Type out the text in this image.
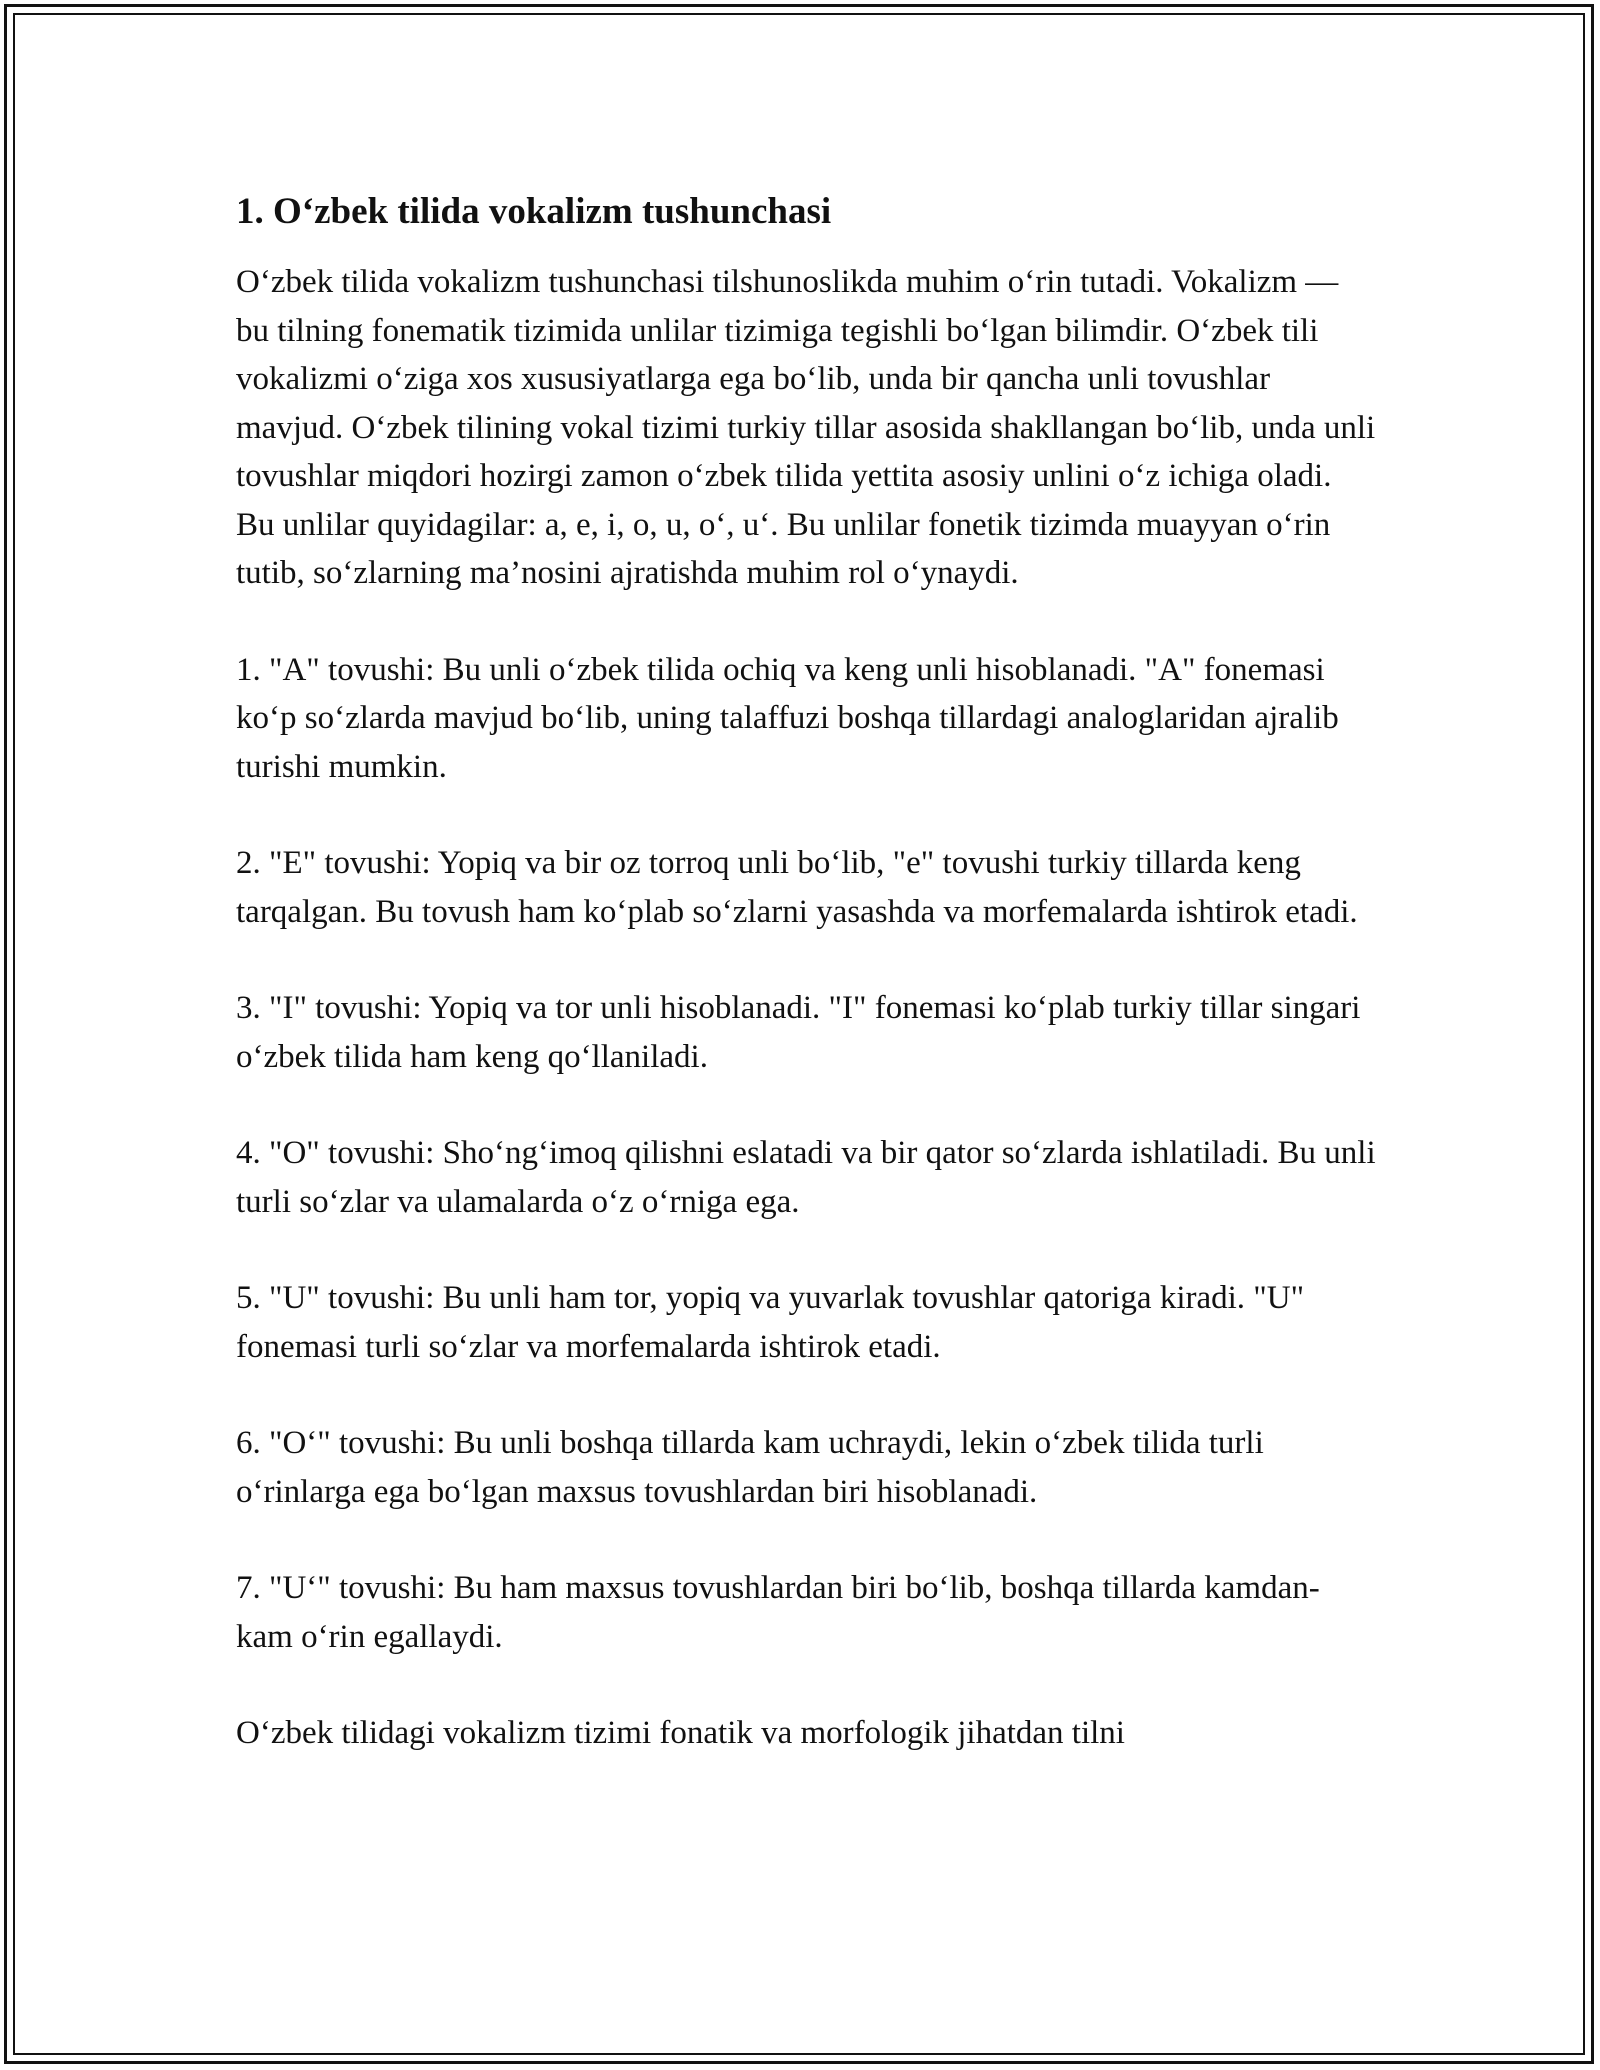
1. O‘zbek tilida vokalizm tushunchasi

O‘zbek tilida vokalizm tushunchasi tilshunoslikda muhim o‘rin tutadi. Vokalizm — bu tilning fonematik tizimida unlilar tizimiga tegishli bo‘lgan bilimdir. O‘zbek tili vokalizmi o‘ziga xos xususiyatlarga ega bo‘lib, unda bir qancha unli tovushlar mavjud. O‘zbek tilining vokal tizimi turkiy tillar asosida shakllangan bo‘lib, unda unli tovushlar miqdori hozirgi zamon o‘zbek tilida yettita asosiy unlini o‘z ichiga oladi. Bu unlilar quyidagilar: a, e, i, o, u, o‘, u‘. Bu unlilar fonetik tizimda muayyan o‘rin tutib, so‘zlarning ma’nosini ajratishda muhim rol o‘ynaydi.

1. "A" tovushi: Bu unli o‘zbek tilida ochiq va keng unli hisoblanadi. "A" fonemasi ko‘p so‘zlarda mavjud bo‘lib, uning talaffuzi boshqa tillardagi analoglaridan ajralib turishi mumkin.

2. "E" tovushi: Yopiq va bir oz torroq unli bo‘lib, "e" tovushi turkiy tillarda keng tarqalgan. Bu tovush ham ko‘plab so‘zlarni yasashda va morfemalarda ishtirok etadi.

3. "I" tovushi: Yopiq va tor unli hisoblanadi. "I" fonemasi ko‘plab turkiy tillar singari o‘zbek tilida ham keng qo‘llaniladi.

4. "O" tovushi: Sho‘ng‘imoq qilishni eslatadi va bir qator so‘zlarda ishlatiladi. Bu unli turli so‘zlar va ulamalarda o‘z o‘rniga ega.

5. "U" tovushi: Bu unli ham tor, yopiq va yuvarlak tovushlar qatoriga kiradi. "U" fonemasi turli so‘zlar va morfemalarda ishtirok etadi.

6. "O‘" tovushi: Bu unli boshqa tillarda kam uchraydi, lekin o‘zbek tilida turli o‘rinlarga ega bo‘lgan maxsus tovushlardan biri hisoblanadi.

7. "U‘" tovushi: Bu ham maxsus tovushlardan biri bo‘lib, boshqa tillarda kamdan-kam o‘rin egallaydi.

O‘zbek tilidagi vokalizm tizimi fonatik va morfologik jihatdan tilni
